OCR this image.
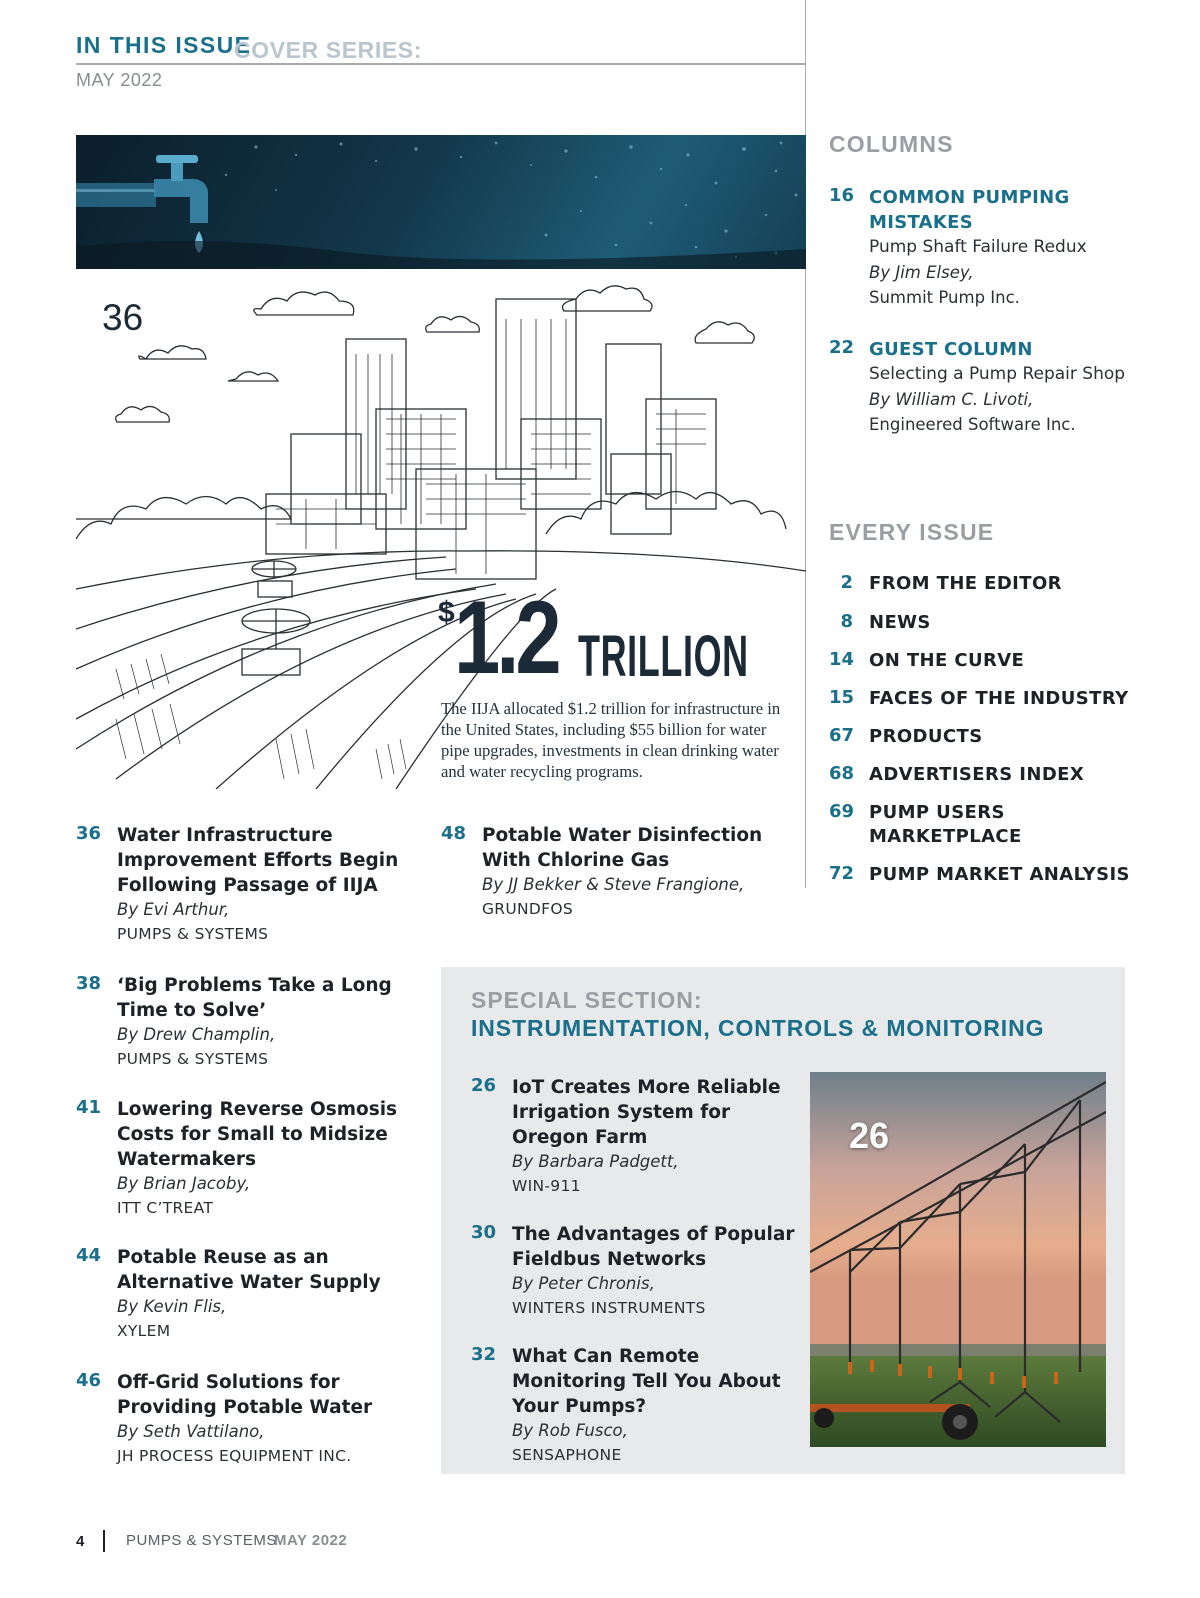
IN THIS ISSUE
MAY 2022
COVER SERIES:
POTABLE WATER
36
$ 1.2 TRILLION
The IIJA allocated $1.2 trillion for infrastructure in the United States, including $55 billion for water pipe upgrades, investments in clean drinking water and water recycling programs.
36 Water Infrastructure Improvement Efforts Begin Following Passage of IIJA
By Evi Arthur,
PUMPS & SYSTEMS
38 ‘Big Problems Take a Long Time to Solve’
By Drew Champlin,
PUMPS & SYSTEMS
41 Lowering Reverse Osmosis Costs for Small to Midsize Watermakers
By Brian Jacoby,
ITT C’TREAT
44 Potable Reuse as an Alternative Water Supply
By Kevin Flis,
XYLEM
46 Off-Grid Solutions for Providing Potable Water
By Seth Vattilano,
JH PROCESS EQUIPMENT INC.
48 Potable Water Disinfection With Chlorine Gas
By JJ Bekker & Steve Frangione,
GRUNDFOS
COLUMNS
16 COMMON PUMPING MISTAKES
Pump Shaft Failure Redux
By Jim Elsey,
Summit Pump Inc.
22 GUEST COLUMN
Selecting a Pump Repair Shop
By William C. Livoti,
Engineered Software Inc.
EVERY ISSUE
2 FROM THE EDITOR
8 NEWS
14 ON THE CURVE
15 FACES OF THE INDUSTRY
67 PRODUCTS
68 ADVERTISERS INDEX
69 PUMP USERS MARKETPLACE
72 PUMP MARKET ANALYSIS
SPECIAL SECTION:
INSTRUMENTATION, CONTROLS & MONITORING
26 IoT Creates More Reliable Irrigation System for Oregon Farm
By Barbara Padgett,
WIN-911
30 The Advantages of Popular Fieldbus Networks
By Peter Chronis,
WINTERS INSTRUMENTS
32 What Can Remote Monitoring Tell You About Your Pumps?
By Rob Fusco,
SENSAPHONE
26
4	PUMPS & SYSTEMS
MAY 2022
